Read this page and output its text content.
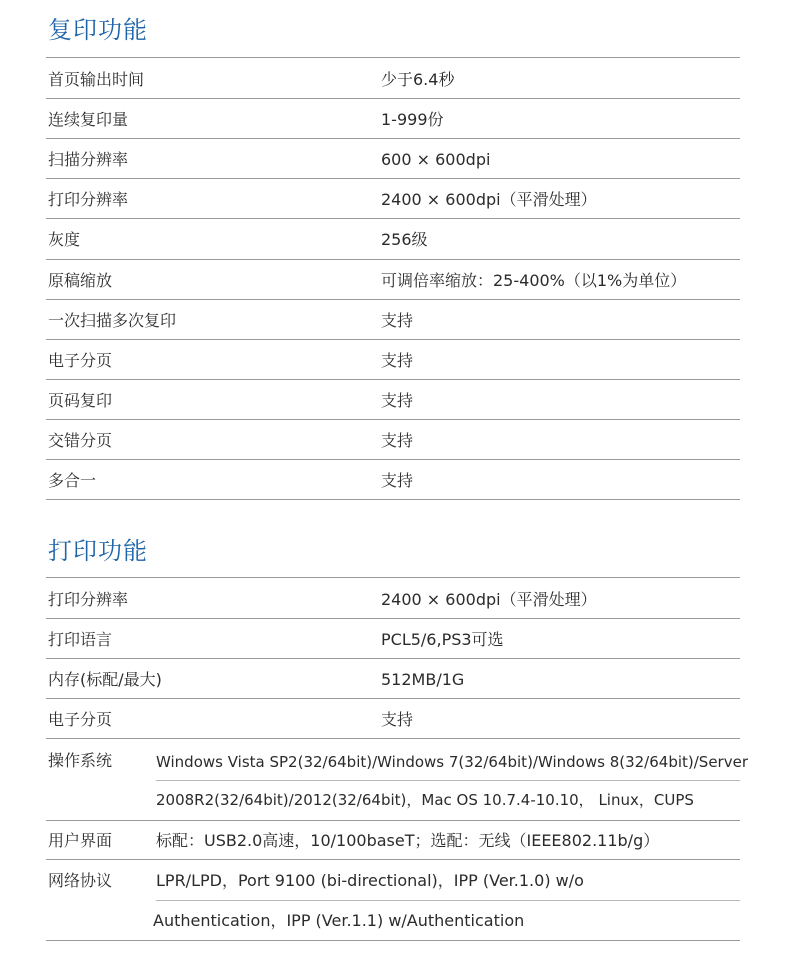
复印功能
首页输出时间	少于6.4秒
连续复印量	1-999份
扫描分辨率	600 × 600dpi
打印分辨率	2400 × 600dpi（平滑处理）
灰度	256级
原稿缩放	可调倍率缩放：25-400%（以1%为单位）
一次扫描多次复印	支持
电子分页	支持
页码复印	支持
交错分页	支持
多合一	支持
打印功能
打印分辨率	2400 × 600dpi（平滑处理）
打印语言	PCL5/6,PS3可选
内存(标配/最大)	512MB/1G
电子分页	支持
操作系统	Windows Vista SP2(32/64bit)/Windows 7(32/64bit)/Windows 8(32/64bit)/Server
2008R2(32/64bit)/2012(32/64bit)，Mac OS 10.7.4-10.10， Linux，CUPS
用户界面	标配：USB2.0高速，10/100baseT；选配：无线（IEEE802.11b/g）
网络协议	LPR/LPD，Port 9100 (bi-directional)，IPP (Ver.1.0) w/o
Authentication，IPP (Ver.1.1) w/Authentication
